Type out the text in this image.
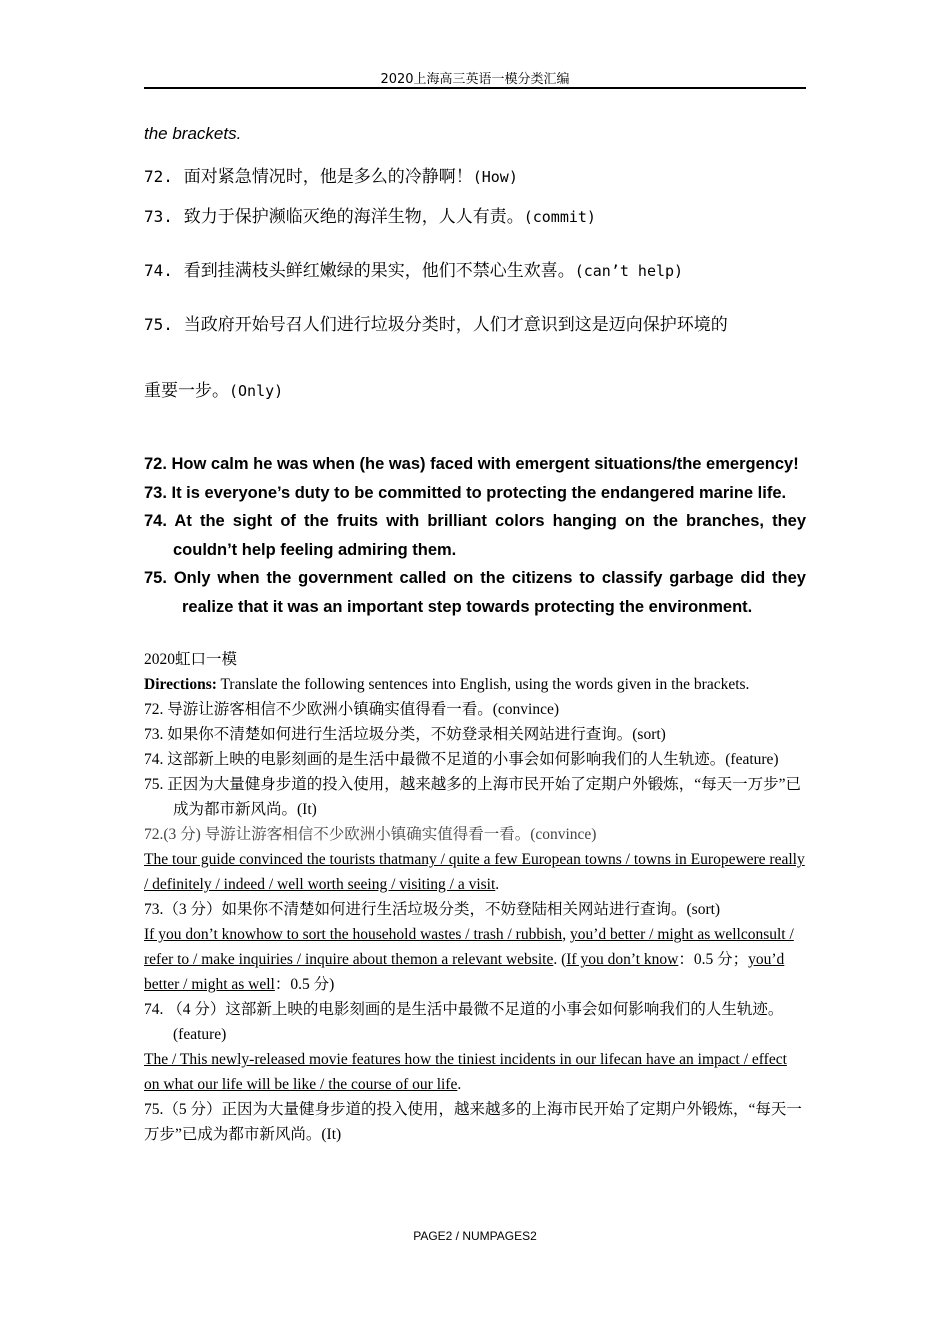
2020上海高三英语一模分类汇编

the brackets.

72. 面对紧急情况时，他是多么的冷静啊！(How)

73. 致力于保护濒临灭绝的海洋生物，人人有责。(commit)

74. 看到挂满枝头鲜红嫩绿的果实，他们不禁心生欢喜。(can’t help)

75. 当政府开始号召人们进行垃圾分类时，人们才意识到这是迈向保护环境的

重要一步。(Only)

72. How calm he was when (he was) faced with emergent situations/the emergency!

73. It is everyone’s duty to be committed to protecting the endangered marine life.

74. At the sight of the fruits with brilliant colors hanging on the branches, they couldn’t help feeling admiring them.

75. Only when the government called on the citizens to classify garbage did they realize that it was an important step towards protecting the environment.

2020虹口一模

Directions: Translate the following sentences into English, using the words given in the brackets.

72. 导游让游客相信不少欧洲小镇确实值得看一看。(convince)

73. 如果你不清楚如何进行生活垃圾分类，不妨登录相关网站进行查询。(sort)

74. 这部新上映的电影刻画的是生活中最微不足道的小事会如何影响我们的人生轨迹。(feature)

75. 正因为大量健身步道的投入使用，越来越多的上海市民开始了定期户外锻炼，“每天一万步”已成为都市新风尚。(It)

72.(3 分) 导游让游客相信不少欧洲小镇确实值得看一看。(convince)

The tour guide convinced the tourists thatmany / quite a few European towns / towns in Europewere really / definitely / indeed / well worth seeing / visiting / a visit.

73.（3 分）如果你不清楚如何进行生活垃圾分类，不妨登陆相关网站进行查询。(sort)

If you don’t knowhow to sort the household wastes / trash / rubbish, you’d better / might as wellconsult / refer to / make inquiries / inquire about themon a relevant website. (If you don’t know：0.5 分；you’d better / might as well：0.5 分)

74. （4 分）这部新上映的电影刻画的是生活中最微不足道的小事会如何影响我们的人生轨迹。(feature)

The / This newly-released movie features how the tiniest incidents in our lifecan have an impact / effect on what our life will be like / the course of our life.

75.（5 分）正因为大量健身步道的投入使用，越来越多的上海市民开始了定期户外锻炼，“每天一万步”已成为都市新风尚。(It)

PAGE2 / NUMPAGES2
